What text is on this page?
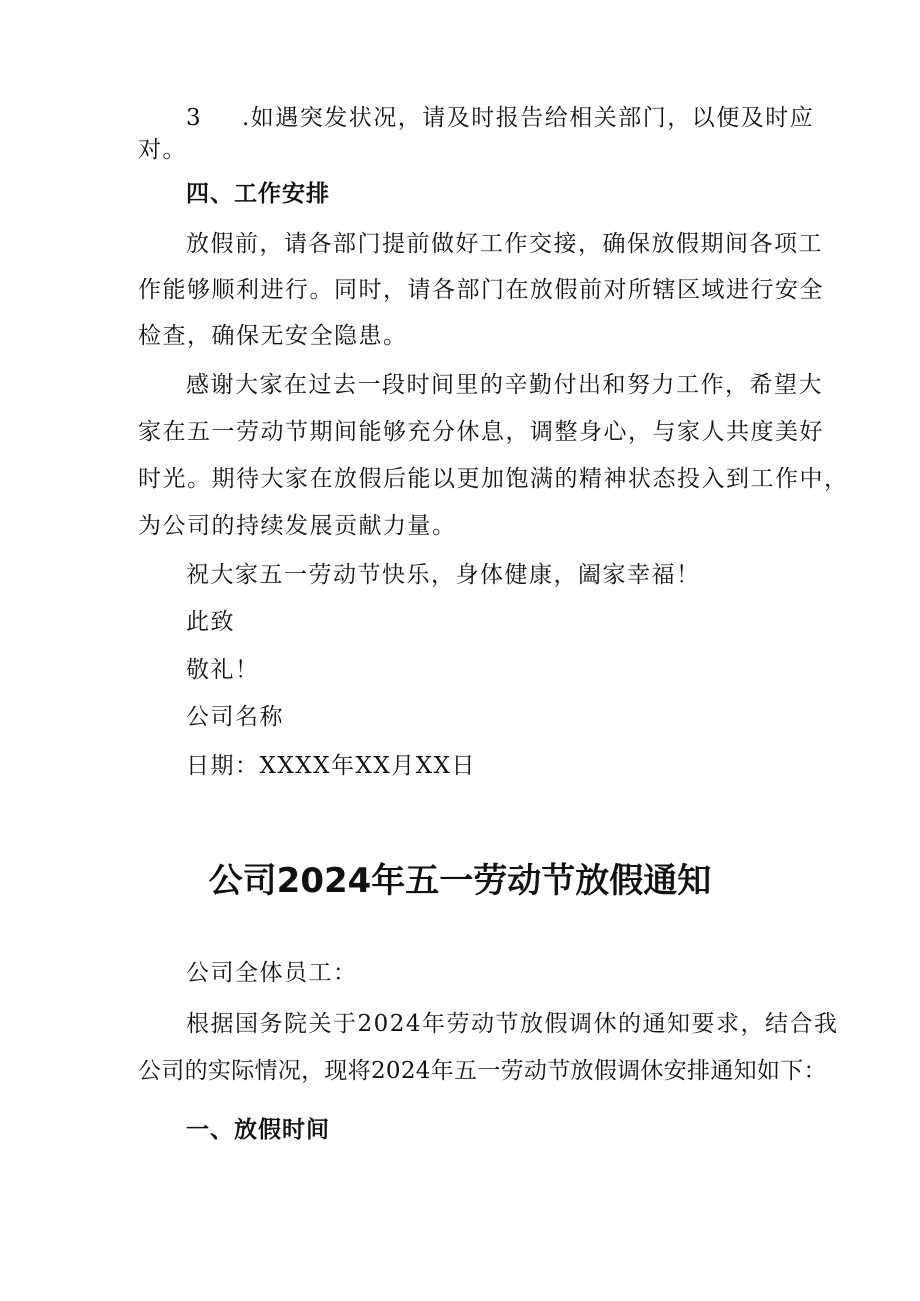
3 .如遇突发状况，请及时报告给相关部门，以便及时应
对。
四、工作安排
放假前，请各部门提前做好工作交接，确保放假期间各项工
作能够顺利进行。同时，请各部门在放假前对所辖区域进行安全
检查，确保无安全隐患。
感谢大家在过去一段时间里的辛勤付出和努力工作，希望大
家在五一劳动节期间能够充分休息，调整身心，与家人共度美好
时光。期待大家在放假后能以更加饱满的精神状态投入到工作中，
为公司的持续发展贡献力量。
祝大家五一劳动节快乐，身体健康，阖家幸福！
此致
敬礼！
公司名称
日期：XXXX年XX月XX日
公司2024年五一劳动节放假通知
公司全体员工：
根据国务院关于2024年劳动节放假调休的通知要求，结合我
公司的实际情况，现将2024年五一劳动节放假调休安排通知如下：
一、放假时间
